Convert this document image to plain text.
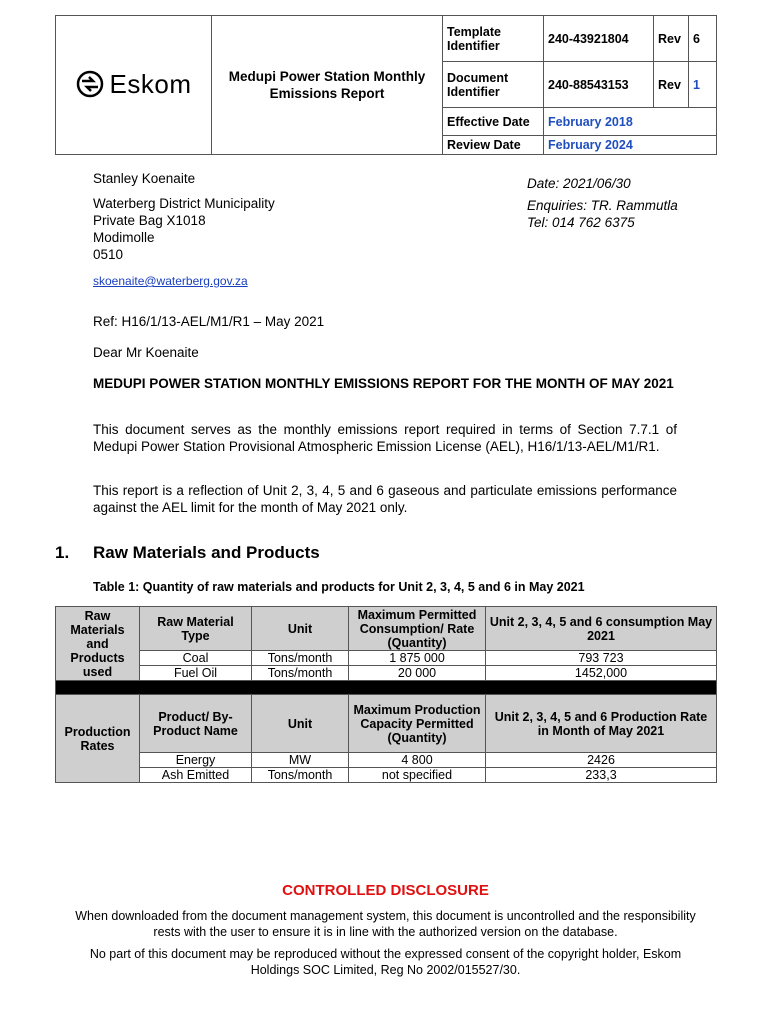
Eskom	Medupi Power Station Monthly Emissions Report	Template Identifier	240-43921804	Rev	6
		Document Identifier	240-88543153	Rev	1
		Effective Date	February 2018		
		Review Date	February 2024		
Stanley Koenaite
Waterberg District Municipality
Private Bag X1018
Modimolle
0510
skoenaite@waterberg.gov.za
Date: 2021/06/30
Enquiries: TR. Rammutla
Tel: 014 762 6375
Ref: H16/1/13-AEL/M1/R1 – May 2021
Dear Mr Koenaite
MEDUPI POWER STATION MONTHLY EMISSIONS REPORT FOR THE MONTH OF MAY 2021
This document serves as the monthly emissions report required in terms of Section 7.7.1 of Medupi Power Station Provisional Atmospheric Emission License (AEL), H16/1/13-AEL/M1/R1.
This report is a reflection of Unit 2, 3, 4, 5 and 6 gaseous and particulate emissions performance against the AEL limit for the month of May 2021 only.
1. Raw Materials and Products
Table 1: Quantity of raw materials and products for Unit 2, 3, 4, 5 and 6 in May 2021
Raw Materials and Products used	Raw Material Type	Unit	Maximum Permitted Consumption/ Rate (Quantity)	Unit 2, 3, 4, 5 and 6 consumption May 2021
	Coal	Tons/month	1 875 000	793 723
	Fuel Oil	Tons/month	20 000	1452,000

Production Rates	Product/ By-Product Name	Unit	Maximum Production Capacity Permitted (Quantity)	Unit 2, 3, 4, 5 and 6 Production Rate in Month of May 2021
	Energy	MW	4 800	2426
	Ash Emitted	Tons/month	not specified	233,3
CONTROLLED DISCLOSURE
When downloaded from the document management system, this document is uncontrolled and the responsibility rests with the user to ensure it is in line with the authorized version on the database.
No part of this document may be reproduced without the expressed consent of the copyright holder, Eskom Holdings SOC Limited, Reg No 2002/015527/30.
